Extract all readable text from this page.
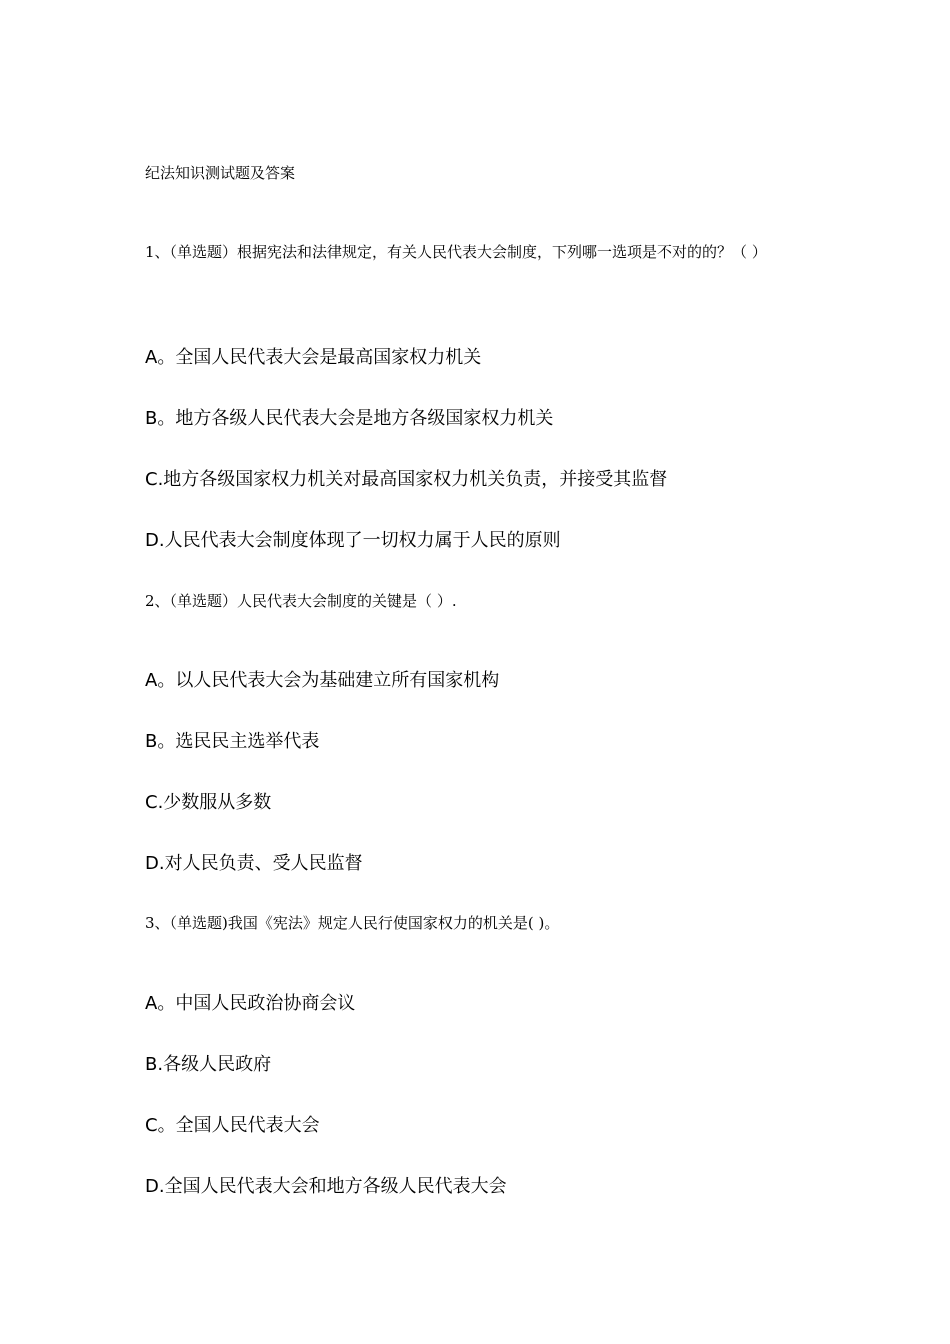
纪法知识测试题及答案
1、（单选题）根据宪法和法律规定，有关人民代表大会制度，下列哪一选项是不对的的？（ ）
A。全国人民代表大会是最高国家权力机关
B。地方各级人民代表大会是地方各级国家权力机关
C.地方各级国家权力机关对最高国家权力机关负责，并接受其监督
D.人民代表大会制度体现了一切权力属于人民的原则
2、（单选题）人民代表大会制度的关键是（ ）.
A。以人民代表大会为基础建立所有国家机构
B。选民民主选举代表
C.少数服从多数
D.对人民负责、受人民监督
3、（单选题)我国《宪法》规定人民行使国家权力的机关是( )。
A。中国人民政治协商会议
B.各级人民政府
C。全国人民代表大会
D.全国人民代表大会和地方各级人民代表大会
